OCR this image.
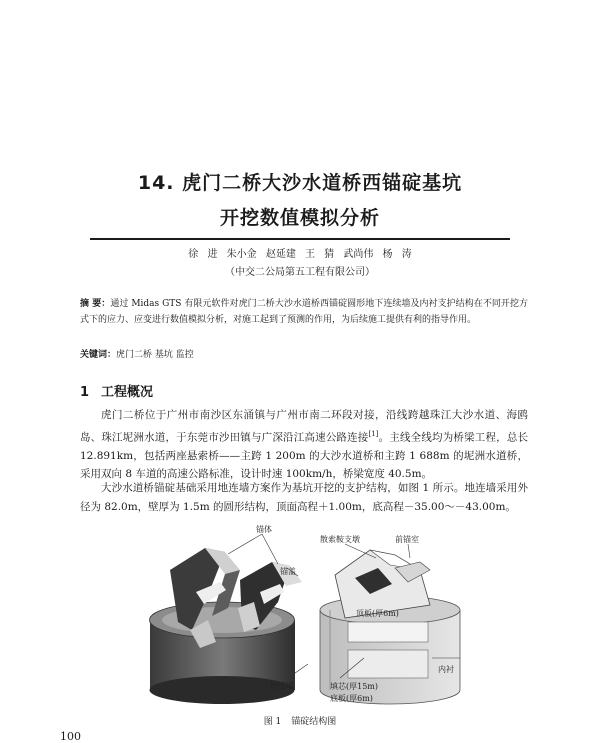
14. 虎门二桥大沙水道桥西锚碇基坑
开挖数值模拟分析
徐 进 朱小金 赵延建 王 猜 武尚伟 杨 涛
（中交二公局第五工程有限公司）
摘 要：通过 Midas GTS 有限元软件对虎门二桥大沙水道桥西锚碇圆形地下连续墙及内衬支护结构在不同开挖方式下的应力、应变进行数值模拟分析，对施工起到了预测的作用，为后续施工提供有利的指导作用。
关键词：虎门二桥 基坑 监控
1 工程概况

虎门二桥位于广州市南沙区东涌镇与广州市南二环段对接，沿线跨越珠江大沙水道、海鸥岛、珠江坭洲水道，于东莞市沙田镇与广深沿江高速公路连接[1]。主线全线均为桥梁工程，总长 12.891km，包括两座悬索桥——主跨 1 200m 的大沙水道桥和主跨 1 688m 的坭洲水道桥，采用双向 8 车道的高速公路标准，设计时速 100km/h，桥梁宽度 40.5m。

大沙水道桥锚碇基础采用地连墙方案作为基坑开挖的支护结构，如图 1 所示。地连墙采用外径为 82.0m，壁厚为 1.5m 的圆形结构，顶面高程＋1.00m，底高程－35.00～－43.00m。

锚体
散索鞍支墩	前锚室
锚盖
顶板(厚6m)
填芯(厚15m)
底板(厚6m)
地连墙
内衬
图 1 锚碇结构图
100
